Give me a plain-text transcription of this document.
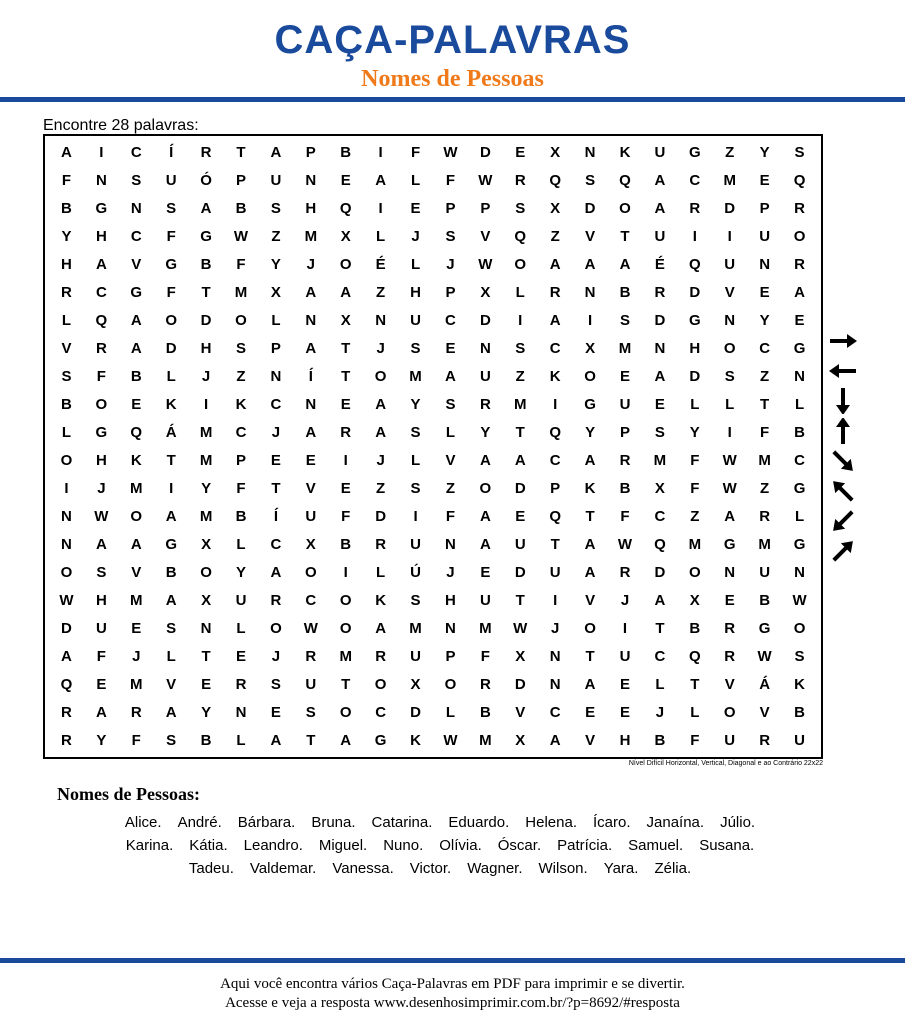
CAÇA-PALAVRAS
Nomes de Pessoas
Encontre 28 palavras:
A	I	C	Í	R	T	A	P	B	I	F	W	D	E	X	N	K	U	G	Z	Y	S
F	N	S	U	Ó	P	U	N	E	A	L	F	W	R	Q	S	Q	A	C	M	E	Q
B	G	N	S	A	B	S	H	Q	I	E	P	P	S	X	D	O	A	R	D	P	R
Y	H	C	F	G	W	Z	M	X	L	J	S	V	Q	Z	V	T	U	I	I	U	O
H	A	V	G	B	F	Y	J	O	É	L	J	W	O	A	A	A	É	Q	U	N	R
R	C	G	F	T	M	X	A	A	Z	H	P	X	L	R	N	B	R	D	V	E	A
L	Q	A	O	D	O	L	N	X	N	U	C	D	I	A	I	S	D	G	N	Y	E
V	R	A	D	H	S	P	A	T	J	S	E	N	S	C	X	M	N	H	O	C	G
S	F	B	L	J	Z	N	Í	T	O	M	A	U	Z	K	O	E	A	D	S	Z	N
B	O	E	K	I	K	C	N	E	A	Y	S	R	M	I	G	U	E	L	L	T	L
L	G	Q	Á	M	C	J	A	R	A	S	L	Y	T	Q	Y	P	S	Y	I	F	B
O	H	K	T	M	P	E	E	I	J	L	V	A	A	C	A	R	M	F	W	M	C
I	J	M	I	Y	F	T	V	E	Z	S	Z	O	D	P	K	B	X	F	W	Z	G
N	W	O	A	M	B	Í	U	F	D	I	F	A	E	Q	T	F	C	Z	A	R	L
N	A	A	G	X	L	C	X	B	R	U	N	A	U	T	A	W	Q	M	G	M	G
O	S	V	B	O	Y	A	O	I	L	Ú	J	E	D	U	A	R	D	O	N	U	N
W	H	M	A	X	U	R	C	O	K	S	H	U	T	I	V	J	A	X	E	B	W
D	U	E	S	N	L	O	W	O	A	M	N	M	W	J	O	I	T	B	R	G	O
A	F	J	L	T	E	J	R	M	R	U	P	F	X	N	T	U	C	Q	R	W	S
Q	E	M	V	E	R	S	U	T	O	X	O	R	D	N	A	E	L	T	V	Á	K
R	A	R	A	Y	N	E	S	O	C	D	L	B	V	C	E	E	J	L	O	V	B
R	Y	F	S	B	L	A	T	A	G	K	W	M	X	A	V	H	B	F	U	R	U
Nível Difícil Horizontal, Vertical, Diagonal e ao Contrário 22x22
Nomes de Pessoas:
Alice. André. Bárbara. Bruna. Catarina. Eduardo. Helena. Ícaro. Janaína. Júlio.
Karina. Kátia. Leandro. Miguel. Nuno. Olívia. Óscar. Patrícia. Samuel. Susana.
Tadeu. Valdemar. Vanessa. Victor. Wagner. Wilson. Yara. Zélia.
Aqui você encontra vários Caça-Palavras em PDF para imprimir e se divertir.
Acesse e veja a resposta www.desenhosimprimir.com.br/?p=8692/#resposta
